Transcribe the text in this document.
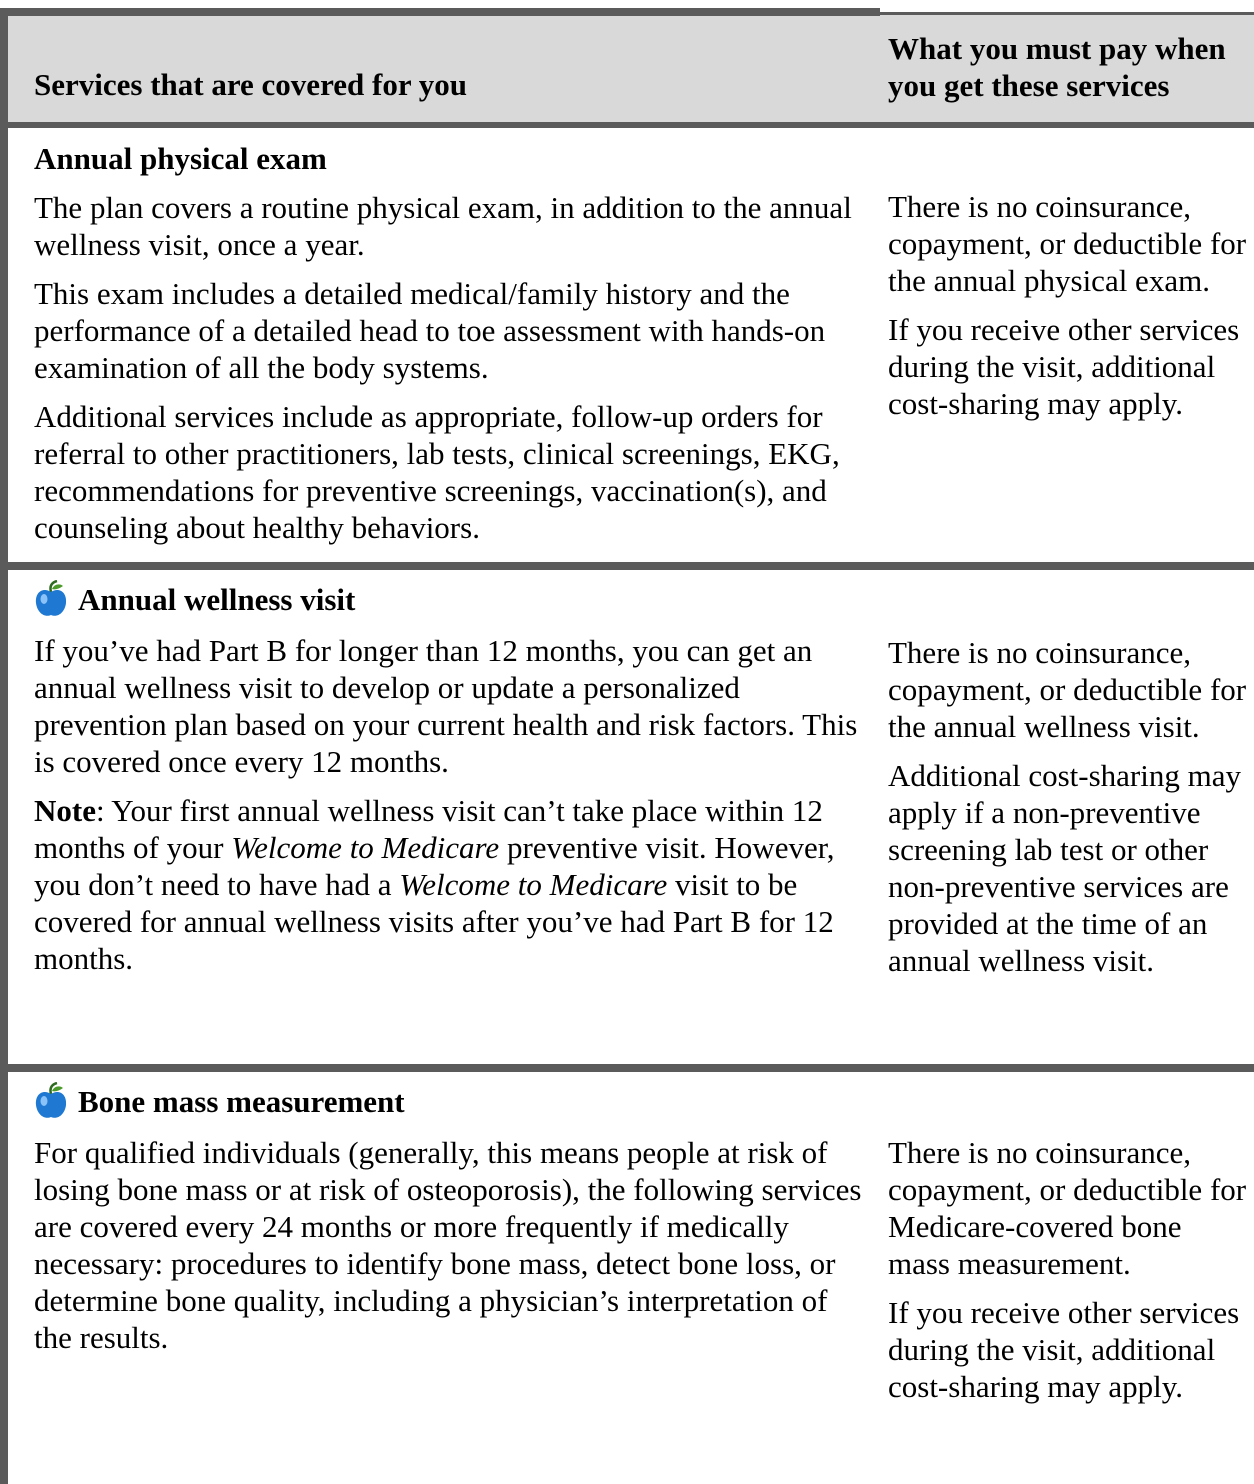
Services that are covered for you
What you must pay when
you get these services
Annual physical exam

The plan covers a routine physical exam, in addition to the annual wellness visit, once a year.

This exam includes a detailed medical/family history and the performance of a detailed head to toe assessment with hands-on examination of all the body systems.

Additional services include as appropriate, follow-up orders for referral to other practitioners, lab tests, clinical screenings, EKG, recommendations for preventive screenings, vaccination(s), and counseling about healthy behaviors.

There is no coinsurance, copayment, or deductible for the annual physical exam.

If you receive other services during the visit, additional cost-sharing may apply.

Annual wellness visit

If you’ve had Part B for longer than 12 months, you can get an annual wellness visit to develop or update a personalized prevention plan based on your current health and risk factors. This is covered once every 12 months.

Note: Your first annual wellness visit can’t take place within 12 months of your Welcome to Medicare preventive visit. However, you don’t need to have had a Welcome to Medicare visit to be covered for annual wellness visits after you’ve had Part B for 12 months.

There is no coinsurance, copayment, or deductible for the annual wellness visit.

Additional cost-sharing may apply if a non-preventive screening lab test or other non-preventive services are provided at the time of an annual wellness visit.

Bone mass measurement

For qualified individuals (generally, this means people at risk of losing bone mass or at risk of osteoporosis), the following services are covered every 24 months or more frequently if medically necessary: procedures to identify bone mass, detect bone loss, or determine bone quality, including a physician’s interpretation of the results.

There is no coinsurance, copayment, or deductible for Medicare-covered bone mass measurement.

If you receive other services during the visit, additional cost-sharing may apply.
